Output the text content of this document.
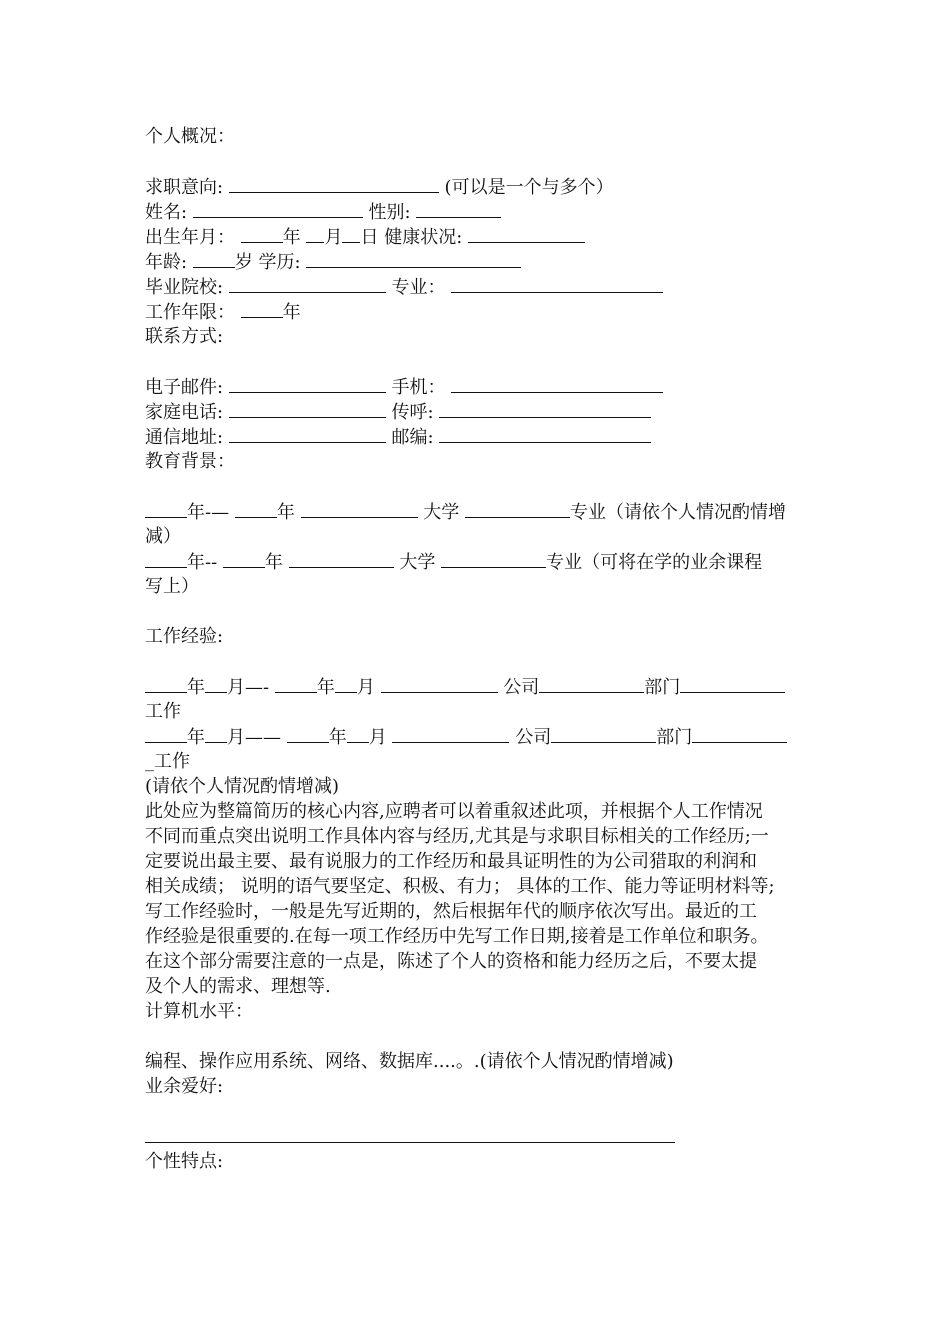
个人概况：
求职意向:	(可以是一个与多个）
姓名:	性别:
出生年月：	年 月 日 健康状况:
年龄:	岁 学历:
毕业院校:	专业：
工作年限：	年
联系方式:
电子邮件:	手机：
家庭电话:	传呼:
通信地址:	邮编:
教育背景：
年-—	年	大学	专业（请依个人情况酌情增
减）
年--	年	大学	专业（可将在学的业余课程
写上）
工作经验:
年 月—-	年 月	公司	部门
工作
年 月——	年 月	公司	部门
_工作
(请依个人情况酌情增减)
此处应为整篇简历的核心内容,应聘者可以着重叙述此项，并根据个人工作情况
不同而重点突出说明工作具体内容与经历,尤其是与求职目标相关的工作经历;一
定要说出最主要、最有说服力的工作经历和最具证明性的为公司猎取的利润和
相关成绩； 说明的语气要坚定、积极、有力； 具体的工作、能力等证明材料等;
写工作经验时，一般是先写近期的，然后根据年代的顺序依次写出。最近的工
作经验是很重要的.在每一项工作经历中先写工作日期,接着是工作单位和职务。
在这个部分需要注意的一点是，陈述了个人的资格和能力经历之后，不要太提
及个人的需求、理想等.
计算机水平：
编程、操作应用系统、网络、数据库....。.(请依个人情况酌情增减)
业余爱好:
个性特点:
